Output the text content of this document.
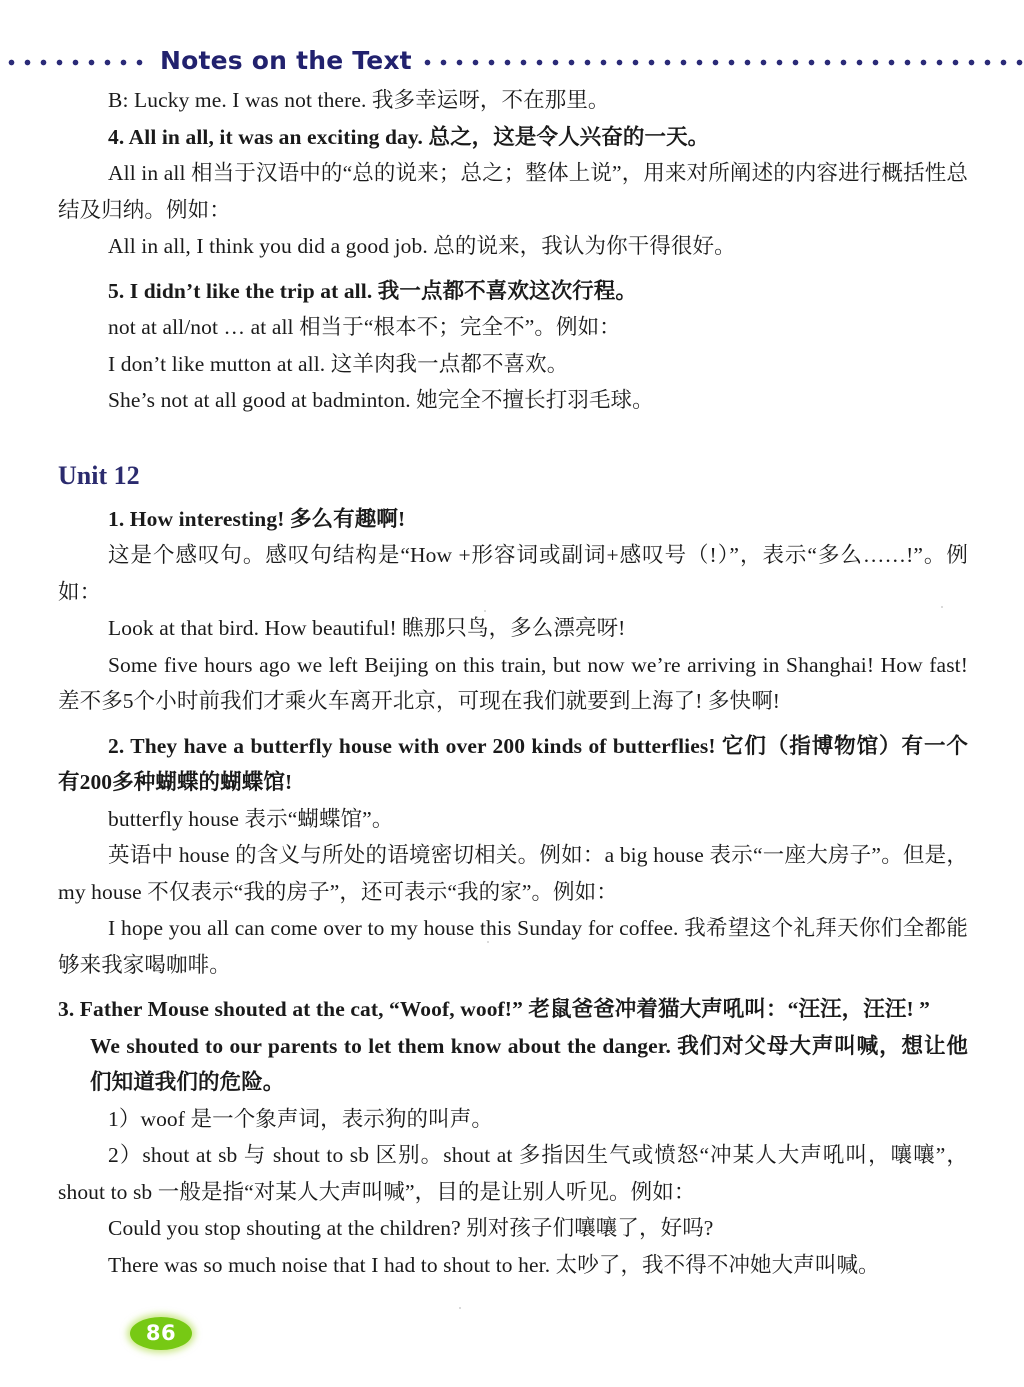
Notes on the Text

B: Lucky me. I was not there. 我多幸运呀，不在那里。

4. All in all, it was an exciting day. 总之，这是令人兴奋的一天。

All in all 相当于汉语中的“总的说来；总之；整体上说”，用来对所阐述的内容进行概括性总结及归纳。例如：

All in all, I think you did a good job. 总的说来，我认为你干得很好。

5. I didn’t like the trip at all. 我一点都不喜欢这次行程。

not at all/not … at all 相当于“根本不；完全不”。例如：

I don’t like mutton at all. 这羊肉我一点都不喜欢。

She’s not at all good at badminton. 她完全不擅长打羽毛球。

Unit 12

1. How interesting! 多么有趣啊!

这是个感叹句。感叹句结构是“How +形容词或副词+感叹号（!）”，表示“多么……!”。例如：

Look at that bird. How beautiful! 瞧那只鸟，多么漂亮呀!

Some five hours ago we left Beijing on this train, but now we’re arriving in Shanghai! How fast! 差不多5个小时前我们才乘火车离开北京，可现在我们就要到上海了! 多快啊!

2. They have a butterfly house with over 200 kinds of butterflies! 它们（指博物馆）有一个有200多种蝴蝶的蝴蝶馆!

butterfly house 表示“蝴蝶馆”。

英语中 house 的含义与所处的语境密切相关。例如：a big house 表示“一座大房子”。但是，my house 不仅表示“我的房子”，还可表示“我的家”。例如：

I hope you all can come over to my house this Sunday for coffee. 我希望这个礼拜天你们全都能够来我家喝咖啡。

3. Father Mouse shouted at the cat, “Woof, woof!” 老鼠爸爸冲着猫大声吼叫：“汪汪，汪汪! ”

We shouted to our parents to let them know about the danger. 我们对父母大声叫喊，想让他们知道我们的危险。

1）woof 是一个象声词，表示狗的叫声。

2）shout at sb 与 shout to sb 区别。shout at 多指因生气或愤怒“冲某人大声吼叫，嚷嚷”，shout to sb 一般是指“对某人大声叫喊”，目的是让别人听见。例如：

Could you stop shouting at the children? 别对孩子们嚷嚷了，好吗?

There was so much noise that I had to shout to her. 太吵了，我不得不冲她大声叫喊。

86
